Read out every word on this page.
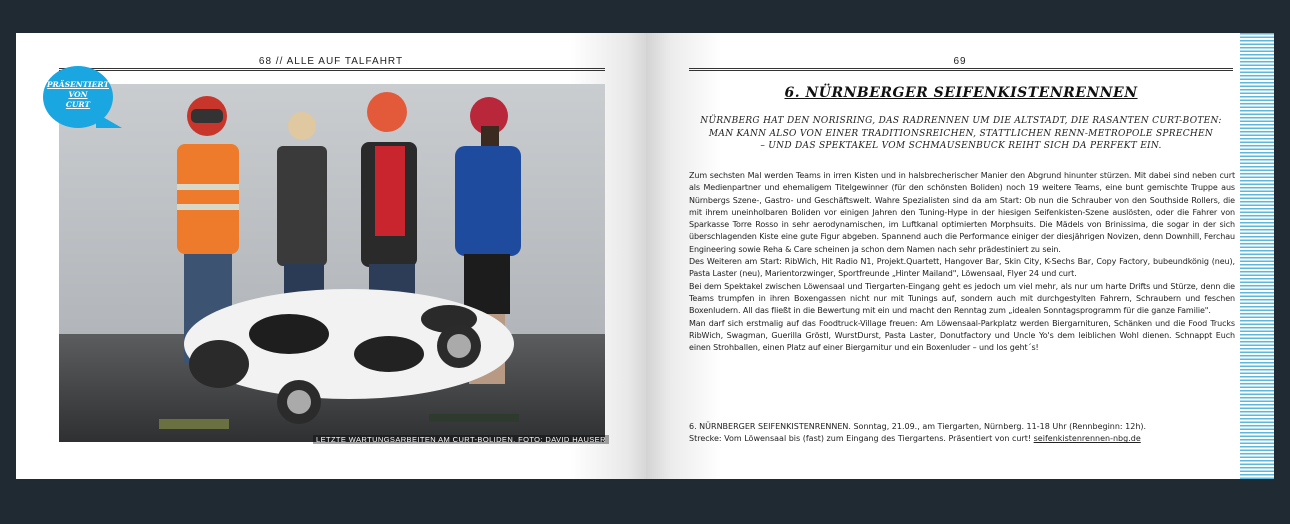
68 // ALLE AUF TALFAHRT
LETZTE WARTUNGSARBEITEN AM CURT-BOLIDEN. FOTO: DAVID HAUSER
PRÄSENTIERT
VON
CURT
69
6. NÜRNBERGER SEIFENKISTENRENNEN
NÜRNBERG HAT DEN NORISRING, DAS RADRENNEN UM DIE ALTSTADT, DIE RASANTEN CURT-BOTEN:
MAN KANN ALSO VON EINER TRADITIONSREICHEN, STATTLICHEN RENN-METROPOLE SPRECHEN
– UND DAS SPEKTAKEL VOM SCHMAUSENBUCK REIHT SICH DA PERFEKT EIN.

Zum sechsten Mal werden Teams in irren Kisten und in halsbrecherischer Manier den Abgrund hinunter stürzen. Mit dabei sind neben curt als Medienpartner und ehemaligem Titelgewinner (für den schönsten Boliden) noch 19 weitere Teams, eine bunt gemischte Truppe aus Nürnbergs Szene-, Gastro- und Geschäftswelt. Wahre Spezialisten sind da am Start: Ob nun die Schrauber von den Southside Rollers, die mit ihrem uneinholbaren Boliden vor einigen Jahren den Tuning-Hype in der hiesigen Seifenkisten-Szene auslösten, oder die Fahrer von Sparkasse Torre Rosso in sehr aerodynamischen, im Luftkanal optimierten Morphsuits. Die Mädels von Brinissima, die sogar in der sich überschlagenden Kiste eine gute Figur abgeben. Spannend auch die Performance einiger der diesjährigen Novizen, denn Downhill, Ferchau Engineering sowie Reha & Care scheinen ja schon dem Namen nach sehr prädestiniert zu sein.

Des Weiteren am Start: RibWich, Hit Radio N1, Projekt.Quartett, Hangover Bar, Skin City, K-Sechs Bar, Copy Factory, bubeundkönig (neu), Pasta Laster (neu), Marientorzwinger, Sportfreunde „Hinter Mailand", Löwensaal, Flyer 24 und curt.

Bei dem Spektakel zwischen Löwensaal und Tiergarten-Eingang geht es jedoch um viel mehr, als nur um harte Drifts und Stürze, denn die Teams trumpfen in ihren Boxengassen nicht nur mit Tunings auf, sondern auch mit durchgestylten Fahrern, Schraubern und feschen Boxenludern. All das fließt in die Bewertung mit ein und macht den Renntag zum „idealen Sonntagsprogramm für die ganze Familie".

Man darf sich erstmalig auf das Foodtruck-Village freuen: Am Löwensaal-Parkplatz werden Biergarnituren, Schänken und die Food Trucks RibWich, Swagman, Guerilla Gröstl, WurstDurst, Pasta Laster, Donutfactory und Uncle Yo's dem leiblichen Wohl dienen. Schnappt Euch einen Strohballen, einen Platz auf einer Biergarnitur und ein Boxenluder – und los geht´s!

6. NÜRNBERGER SEIFENKISTENRENNEN. Sonntag, 21.09., am Tiergarten, Nürnberg. 11-18 Uhr (Rennbeginn: 12h).
Strecke: Vom Löwensaal bis (fast) zum Eingang des Tiergartens. Präsentiert von curt! seifenkistenrennen-nbg.de
